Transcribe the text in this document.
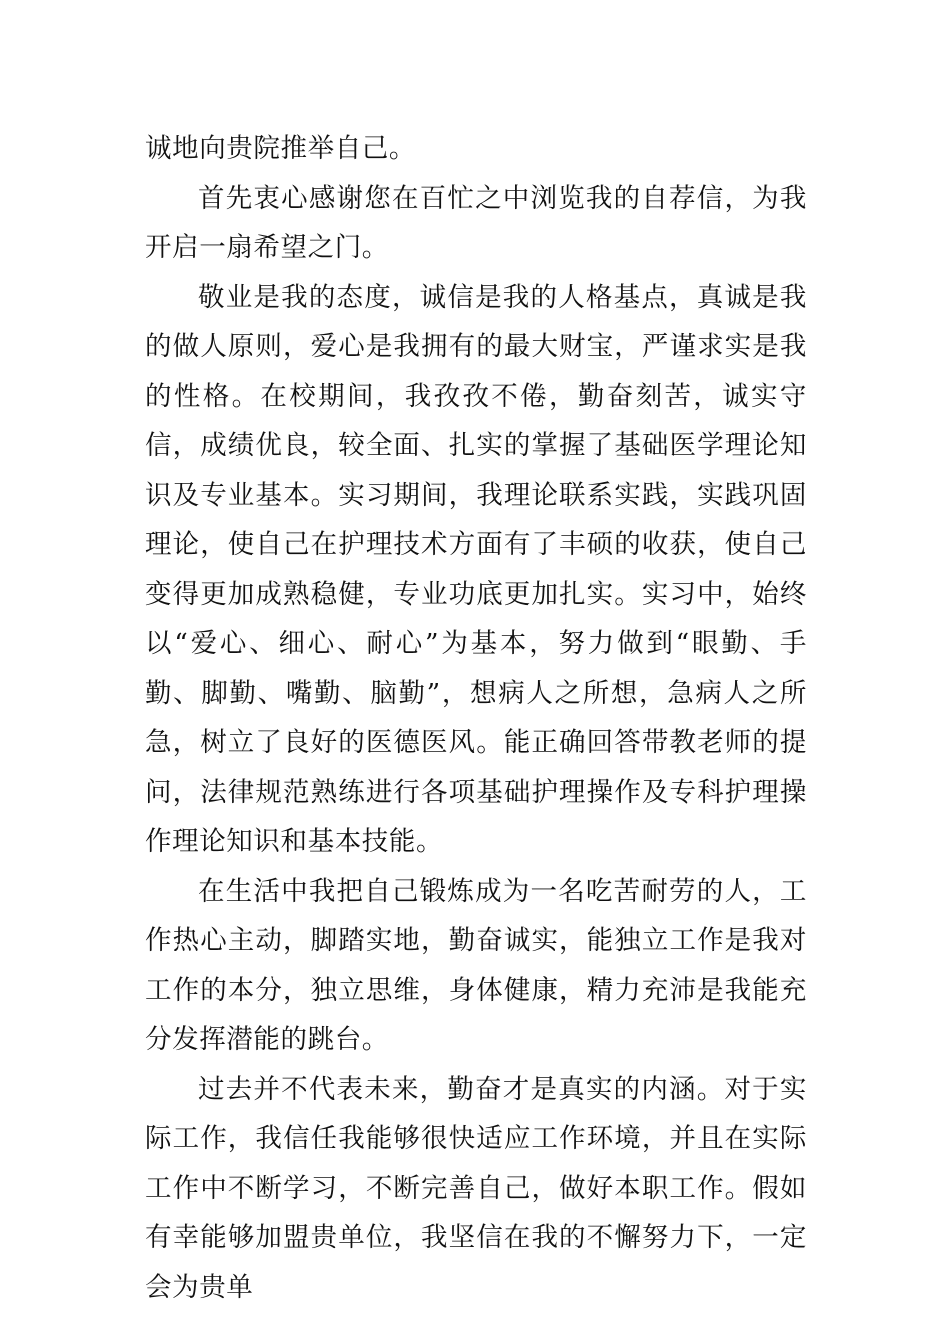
诚地向贵院推举自己。

首先衷心感谢您在百忙之中浏览我的自荐信，为我开启一扇希望之门。

敬业是我的态度，诚信是我的人格基点，真诚是我的做人原则，爱心是我拥有的最大财宝，严谨求实是我的性格。在校期间，我孜孜不倦，勤奋刻苦，诚实守信，成绩优良，较全面、扎实的掌握了基础医学理论知识及专业基本。实习期间，我理论联系实践，实践巩固理论，使自己在护理技术方面有了丰硕的收获，使自己变得更加成熟稳健，专业功底更加扎实。实习中，始终以“爱心、细心、耐心”为基本，努力做到“眼勤、手勤、脚勤、嘴勤、脑勤”，想病人之所想，急病人之所急，树立了良好的医德医风。能正确回答带教老师的提问，法律规范熟练进行各项基础护理操作及专科护理操作理论知识和基本技能。

在生活中我把自己锻炼成为一名吃苦耐劳的人，工作热心主动，脚踏实地，勤奋诚实，能独立工作是我对工作的本分，独立思维，身体健康，精力充沛是我能充分发挥潜能的跳台。

过去并不代表未来，勤奋才是真实的内涵。对于实际工作，我信任我能够很快适应工作环境，并且在实际工作中不断学习，不断完善自己，做好本职工作。假如有幸能够加盟贵单位，我坚信在我的不懈努力下，一定会为贵单
